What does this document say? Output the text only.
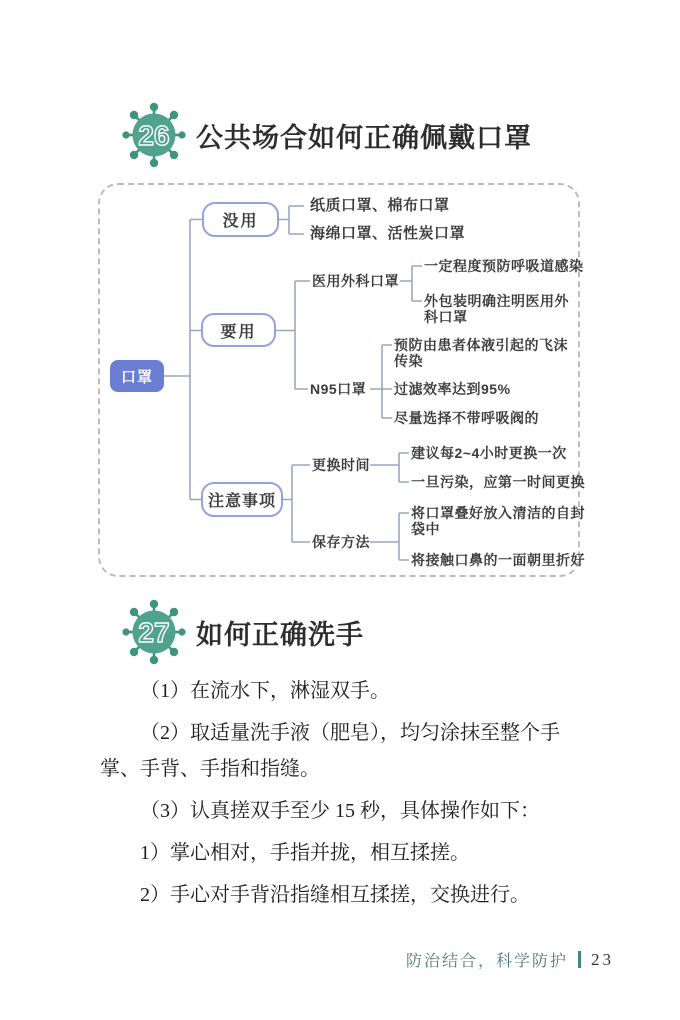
26 公共场合如何正确佩戴口罩
口罩
没用
纸质口罩、棉布口罩
海绵口罩、活性炭口罩
要用
医用外科口罩
一定程度预防呼吸道感染
外包装明确注明医用外科口罩
N95口罩
预防由患者体液引起的飞沫传染
过滤效率达到95%
尽量选择不带呼吸阀的
注意事项
更换时间
建议每2~4小时更换一次
一旦污染，应第一时间更换
保存方法
将口罩叠好放入清洁的自封袋中
将接触口鼻的一面朝里折好
27 如何正确洗手

（1）在流水下，淋湿双手。

（2）取适量洗手液（肥皂），均匀涂抹至整个手掌、手背、手指和指缝。

（3）认真搓双手至少 15 秒，具体操作如下：

1）掌心相对，手指并拢，相互揉搓。

2）手心对手背沿指缝相互揉搓，交换进行。

防治结合，科学防护 23
